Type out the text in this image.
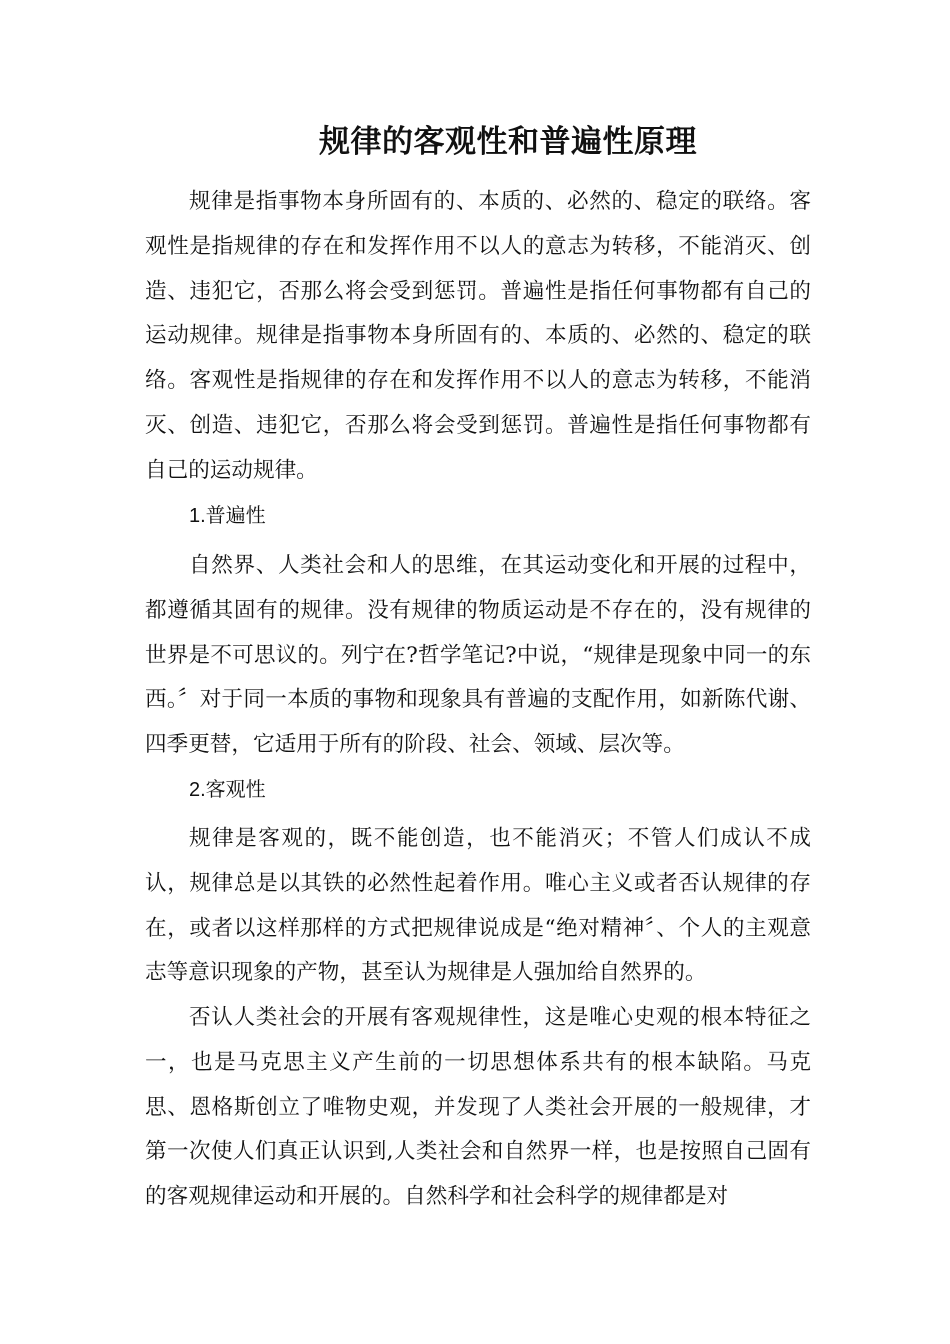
规律的客观性和普遍性原理

规律是指事物本身所固有的、本质的、必然的、稳定的联络。客观性是指规律的存在和发挥作用不以人的意志为转移，不能消灭、创造、违犯它，否那么将会受到惩罚。普遍性是指任何事物都有自己的运动规律。规律是指事物本身所固有的、本质的、必然的、稳定的联络。客观性是指规律的存在和发挥作用不以人的意志为转移，不能消灭、创造、违犯它，否那么将会受到惩罚。普遍性是指任何事物都有自己的运动规律。

1.普遍性

自然界、人类社会和人的思维，在其运动变化和开展的过程中，都遵循其固有的规律。没有规律的物质运动是不存在的，没有规律的世界是不可思议的。列宁在?哲学笔记?中说，“规律是现象中同一的东西。〞对于同一本质的事物和现象具有普遍的支配作用，如新陈代谢、四季更替，它适用于所有的阶段、社会、领域、层次等。

2.客观性

规律是客观的，既不能创造，也不能消灭；不管人们成认不成认，规律总是以其铁的必然性起着作用。唯心主义或者否认规律的存在，或者以这样那样的方式把规律说成是“绝对精神〞、个人的主观意志等意识现象的产物，甚至认为规律是人强加给自然界的。

否认人类社会的开展有客观规律性，这是唯心史观的根本特征之一，也是马克思主义产生前的一切思想体系共有的根本缺陷。马克思、恩格斯创立了唯物史观，并发现了人类社会开展的一般规律，才第一次使人们真正认识到,人类社会和自然界一样，也是按照自己固有的客观规律运动和开展的。自然科学和社会科学的规律都是对
